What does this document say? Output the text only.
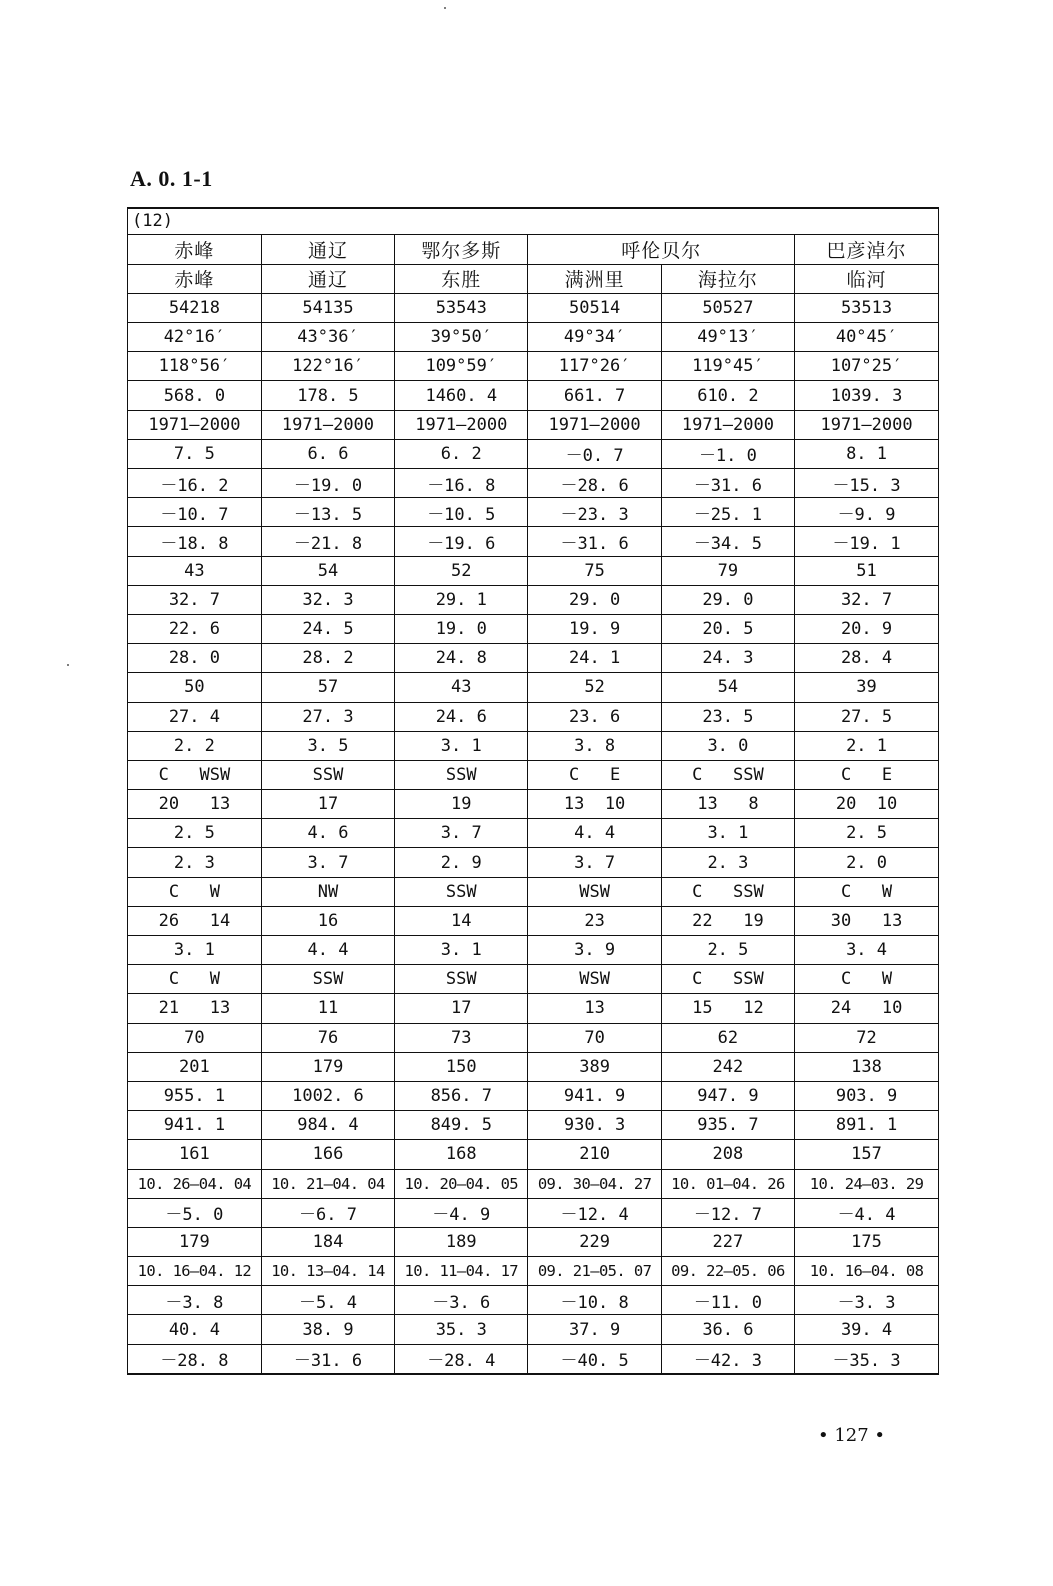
A. 0. 1-1
(12)
赤峰	通辽	鄂尔多斯	呼伦贝尔		巴彦淖尔
赤峰	通辽	东胜	满洲里	海拉尔	临河
54218	54135	53543	50514	50527	53513
42°16′	43°36′	39°50′	49°34′	49°13′	40°45′
118°56′	122°16′	109°59′	117°26′	119°45′	107°25′
568. 0	178. 5	1460. 4	661. 7	610. 2	1039. 3
1971—2000	1971—2000	1971—2000	1971—2000	1971—2000	1971—2000
7. 5	6. 6	6. 2	－0. 7	－1. 0	8. 1
－16. 2	－19. 0	－16. 8	－28. 6	－31. 6	－15. 3
－10. 7	－13. 5	－10. 5	－23. 3	－25. 1	－9. 9
－18. 8	－21. 8	－19. 6	－31. 6	－34. 5	－19. 1
43	54	52	75	79	51
32. 7	32. 3	29. 1	29. 0	29. 0	32. 7
22. 6	24. 5	19. 0	19. 9	20. 5	20. 9
28. 0	28. 2	24. 8	24. 1	24. 3	28. 4
50	57	43	52	54	39
27. 4	27. 3	24. 6	23. 6	23. 5	27. 5
2. 2	3. 5	3. 1	3. 8	3. 0	2. 1
C   WSW	SSW	SSW	C   E	C   SSW	C   E
20   13	17	19	13  10	13   8	20  10
2. 5	4. 6	3. 7	4. 4	3. 1	2. 5
2. 3	3. 7	2. 9	3. 7	2. 3	2. 0
C   W	NW	SSW	WSW	C   SSW	C   W
26   14	16	14	23	22   19	30   13
3. 1	4. 4	3. 1	3. 9	2. 5	3. 4
C   W	SSW	SSW	WSW	C   SSW	C   W
21   13	11	17	13	15   12	24   10
70	76	73	70	62	72
201	179	150	389	242	138
955. 1	1002. 6	856. 7	941. 9	947. 9	903. 9
941. 1	984. 4	849. 5	930. 3	935. 7	891. 1
161	166	168	210	208	157
10. 26—04. 04	10. 21—04. 04	10. 20—04. 05	09. 30—04. 27	10. 01—04. 26	10. 24—03. 29
－5. 0	－6. 7	－4. 9	－12. 4	－12. 7	－4. 4
179	184	189	229	227	175
10. 16—04. 12	10. 13—04. 14	10. 11—04. 17	09. 21—05. 07	09. 22—05. 06	10. 16—04. 08
－3. 8	－5. 4	－3. 6	－10. 8	－11. 0	－3. 3
40. 4	38. 9	35. 3	37. 9	36. 6	39. 4
－28. 8	－31. 6	－28. 4	－40. 5	－42. 3	－35. 3
• 127 •
